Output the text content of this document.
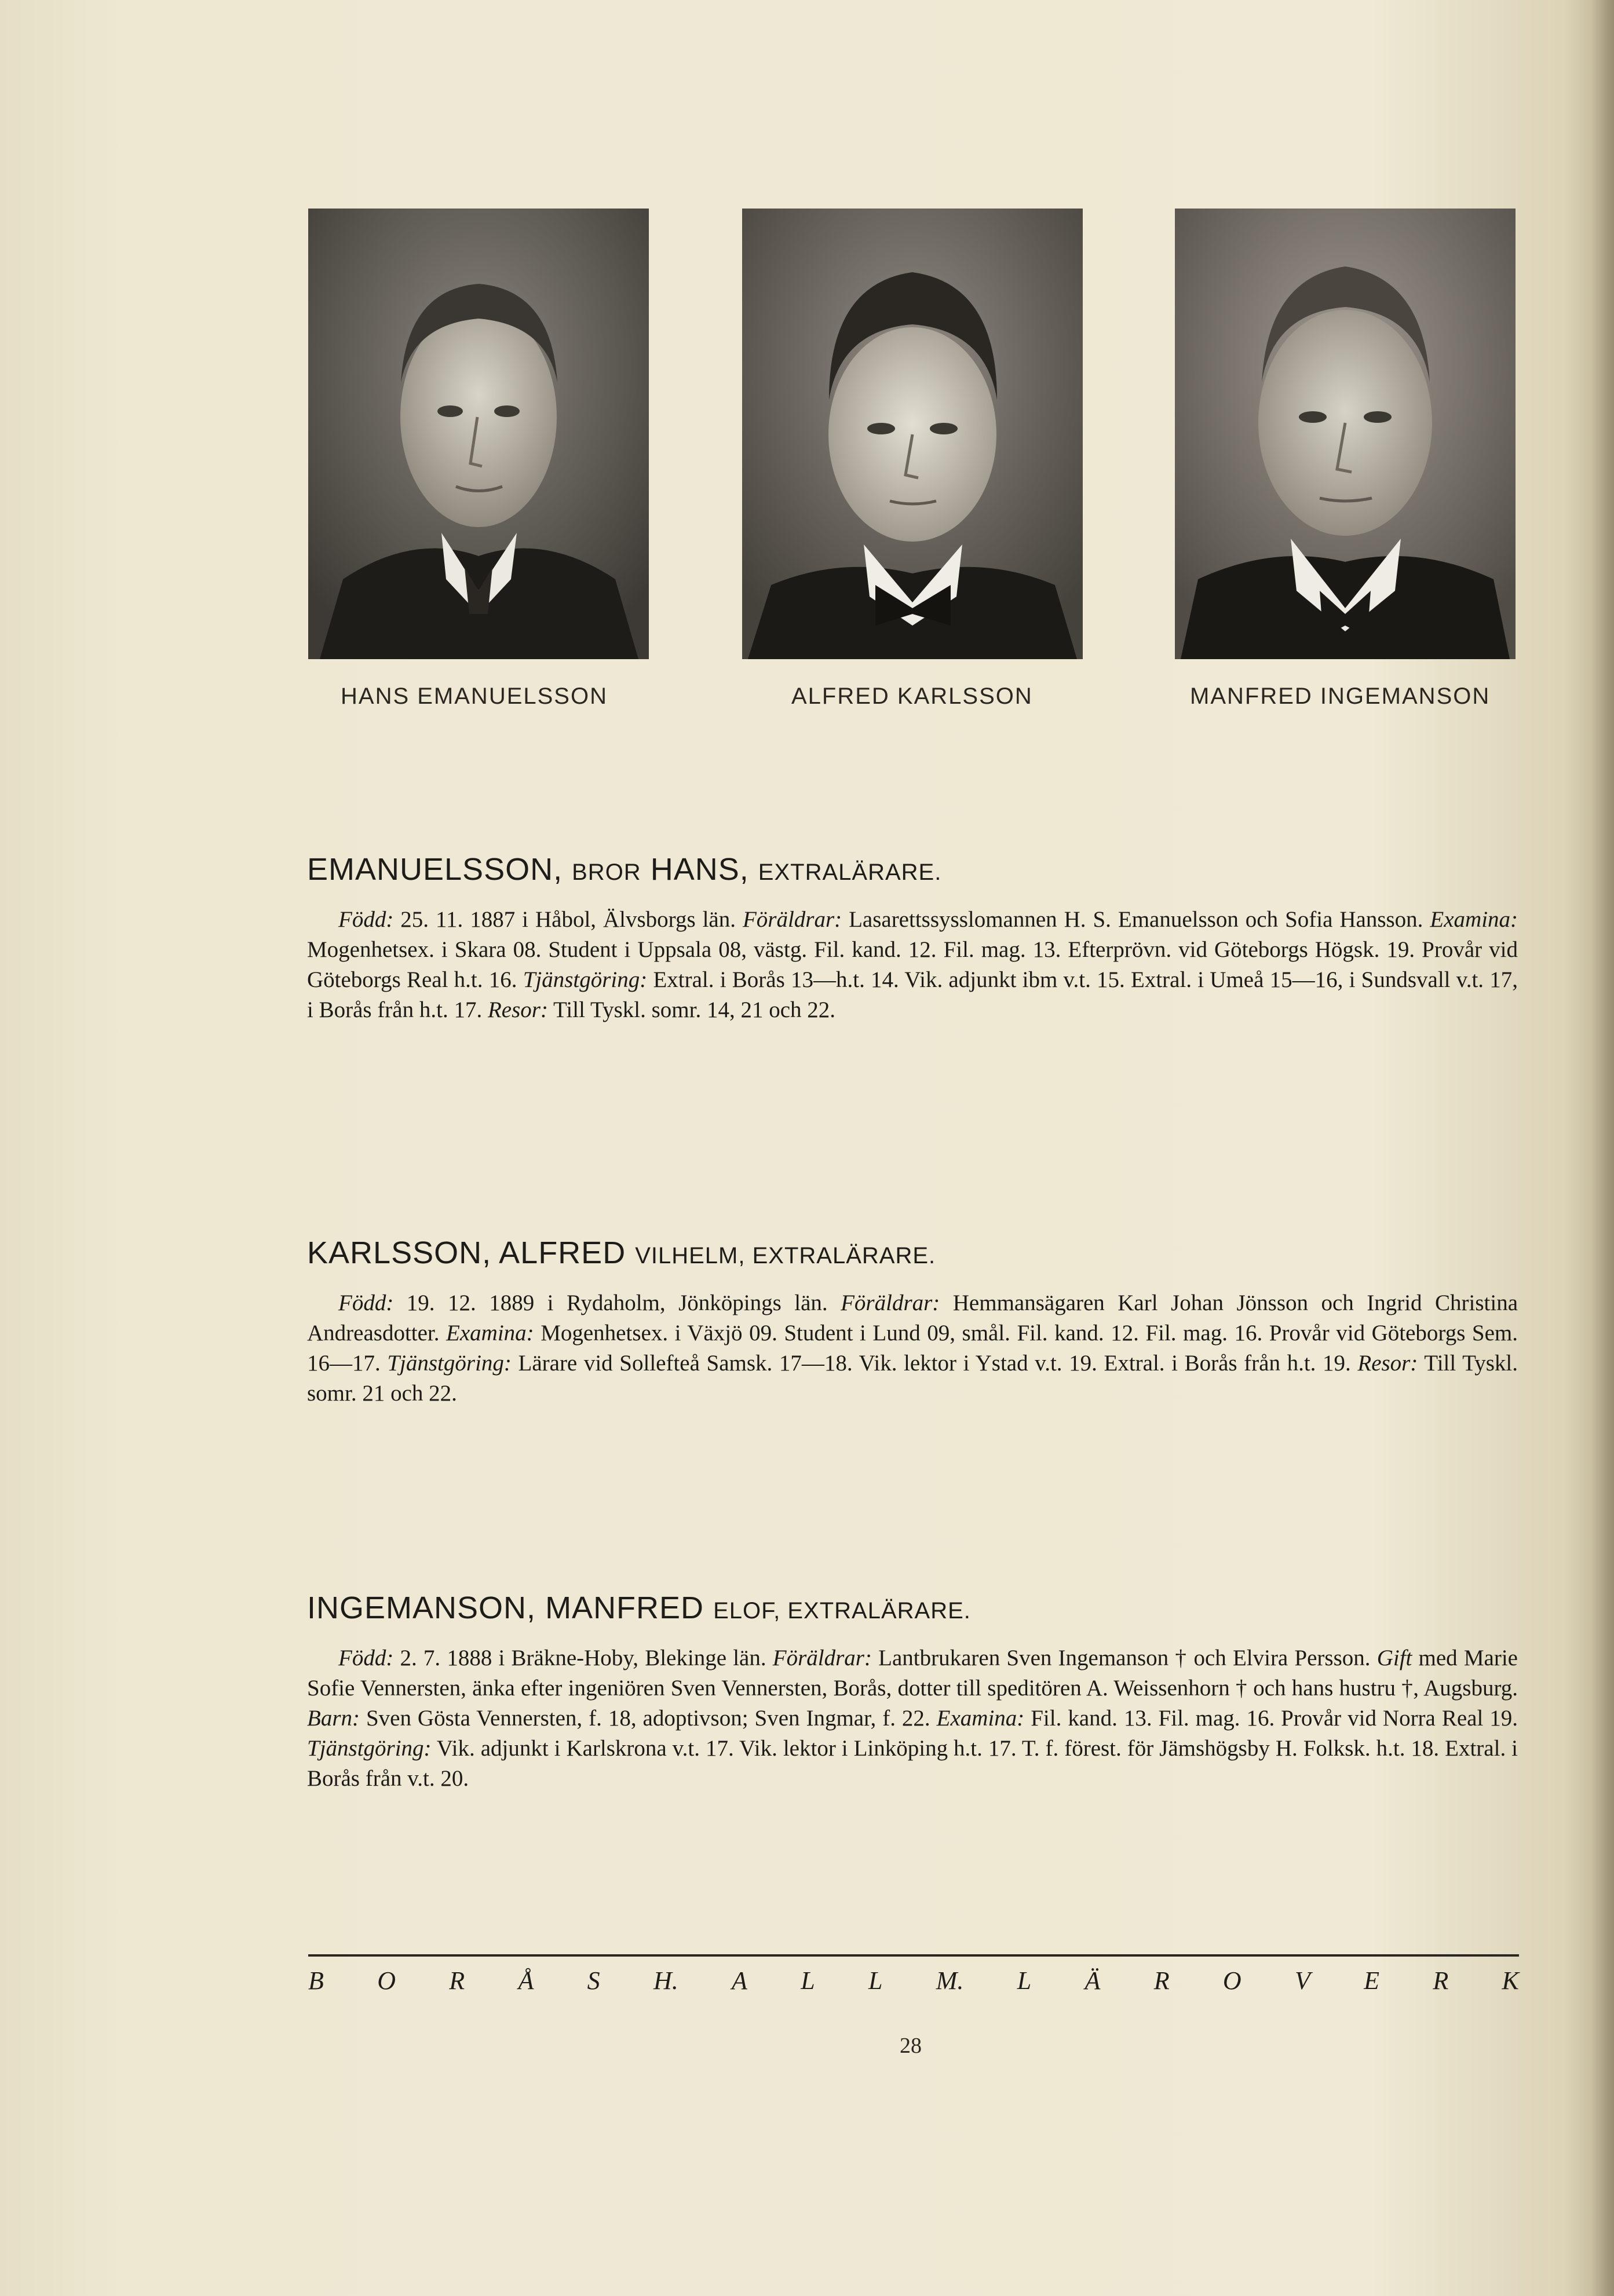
HANS EMANUELSSON	ALFRED KARLSSON	MANFRED INGEMANSON
EMANUELSSON, BROR HANS, EXTRALÄRARE.
Född: 25. 11. 1887 i Håbol, Älvsborgs län. Föräldrar: Lasarettssysslomannen H. S. Emanuelsson och Sofia Hansson. Examina: Mogenhetsex. i Skara 08. Student i Uppsala 08, västg. Fil. kand. 12. Fil. mag. 13. Efterprövn. vid Göteborgs Högsk. 19. Provår vid Göteborgs Real h.t. 16. Tjänstgöring: Extral. i Borås 13—h.t. 14. Vik. adjunkt ibm v.t. 15. Extral. i Umeå 15—16, i Sundsvall v.t. 17, i Borås från h.t. 17. Resor: Till Tyskl. somr. 14, 21 och 22.
KARLSSON, ALFRED VILHELM, EXTRALÄRARE.
Född: 19. 12. 1889 i Rydaholm, Jönköpings län. Föräldrar: Hemmansägaren Karl Johan Jönsson och Ingrid Christina Andreasdotter. Examina: Mogenhetsex. i Växjö 09. Student i Lund 09, smål. Fil. kand. 12. Fil. mag. 16. Provår vid Göteborgs Sem. 16—17. Tjänstgöring: Lärare vid Sollefteå Samsk. 17—18. Vik. lektor i Ystad v.t. 19. Extral. i Borås från h.t. 19. Resor: Till Tyskl. somr. 21 och 22.
INGEMANSON, MANFRED ELOF, EXTRALÄRARE.
Född: 2. 7. 1888 i Bräkne-Hoby, Blekinge län. Föräldrar: Lantbrukaren Sven Ingemanson † och Elvira Persson. Gift med Marie Sofie Vennersten, änka efter ingeniören Sven Vennersten, Borås, dotter till speditören A. Weissenhorn † och hans hustru †, Augsburg. Barn: Sven Gösta Vennersten, f. 18, adoptivson; Sven Ingmar, f. 22. Examina: Fil. kand. 13. Fil. mag. 16. Provår vid Norra Real 19. Tjänstgöring: Vik. adjunkt i Karlskrona v.t. 17. Vik. lektor i Linköping h.t. 17. T. f. förest. för Jämshögsby H. Folksk. h.t. 18. Extral. i Borås från v.t. 20.
B O R Å S H. A L L M. L Ä R O V E R K
28
